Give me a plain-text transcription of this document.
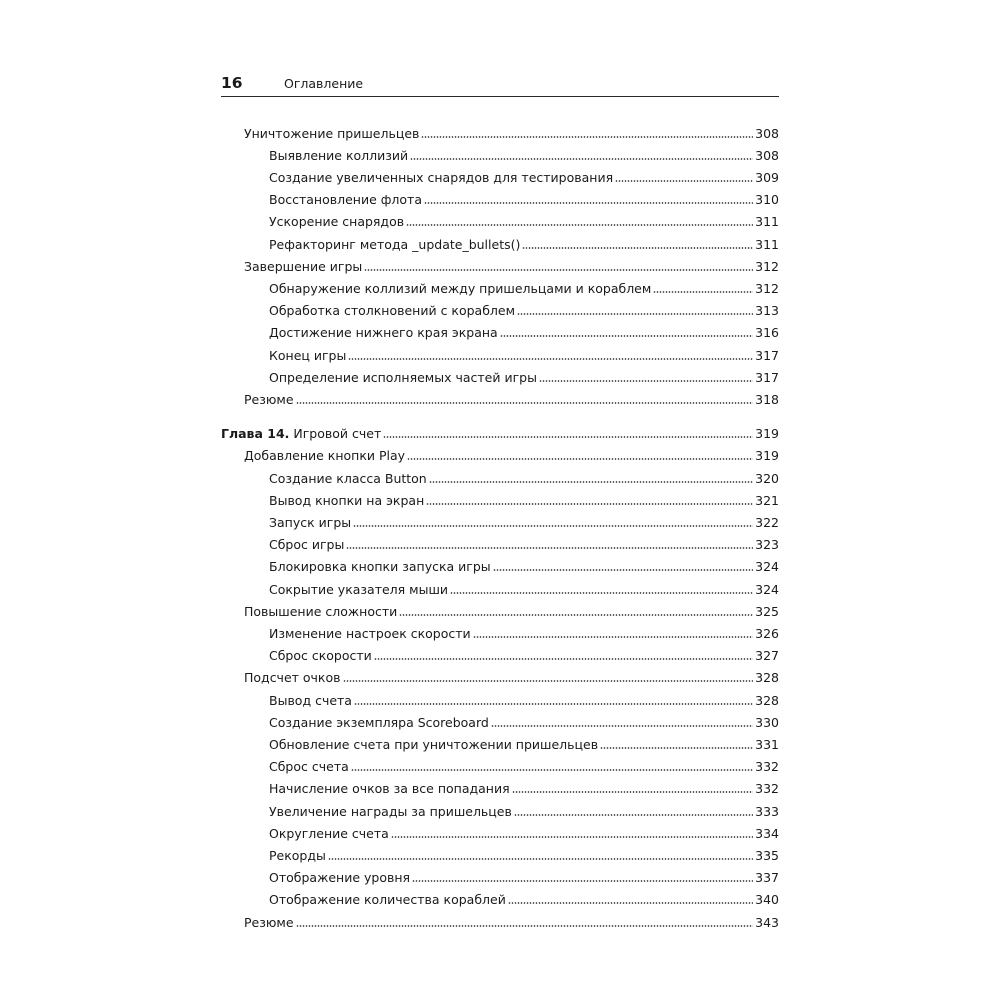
16	Оглавление
Уничтожение пришельцев	308
Выявление коллизий	308
Создание увеличенных снарядов для тестирования	309
Восстановление флота	310
Ускорение снарядов	311
Рефакторинг метода _update_bullets()	311
Завершение игры	312
Обнаружение коллизий между пришельцами и кораблем	312
Обработка столкновений с кораблем	313
Достижение нижнего края экрана	316
Конец игры	317
Определение исполняемых частей игры	317
Резюме	318
Глава 14. Игровой счет	319
Добавление кнопки Play	319
Создание класса Button	320
Вывод кнопки на экран	321
Запуск игры	322
Сброс игры	323
Блокировка кнопки запуска игры	324
Сокрытие указателя мыши	324
Повышение сложности	325
Изменение настроек скорости	326
Сброс скорости	327
Подсчет очков	328
Вывод счета	328
Создание экземпляра Scoreboard	330
Обновление счета при уничтожении пришельцев	331
Сброс счета	332
Начисление очков за все попадания	332
Увеличение награды за пришельцев	333
Округление счета	334
Рекорды	335
Отображение уровня	337
Отображение количества кораблей	340
Резюме	343
